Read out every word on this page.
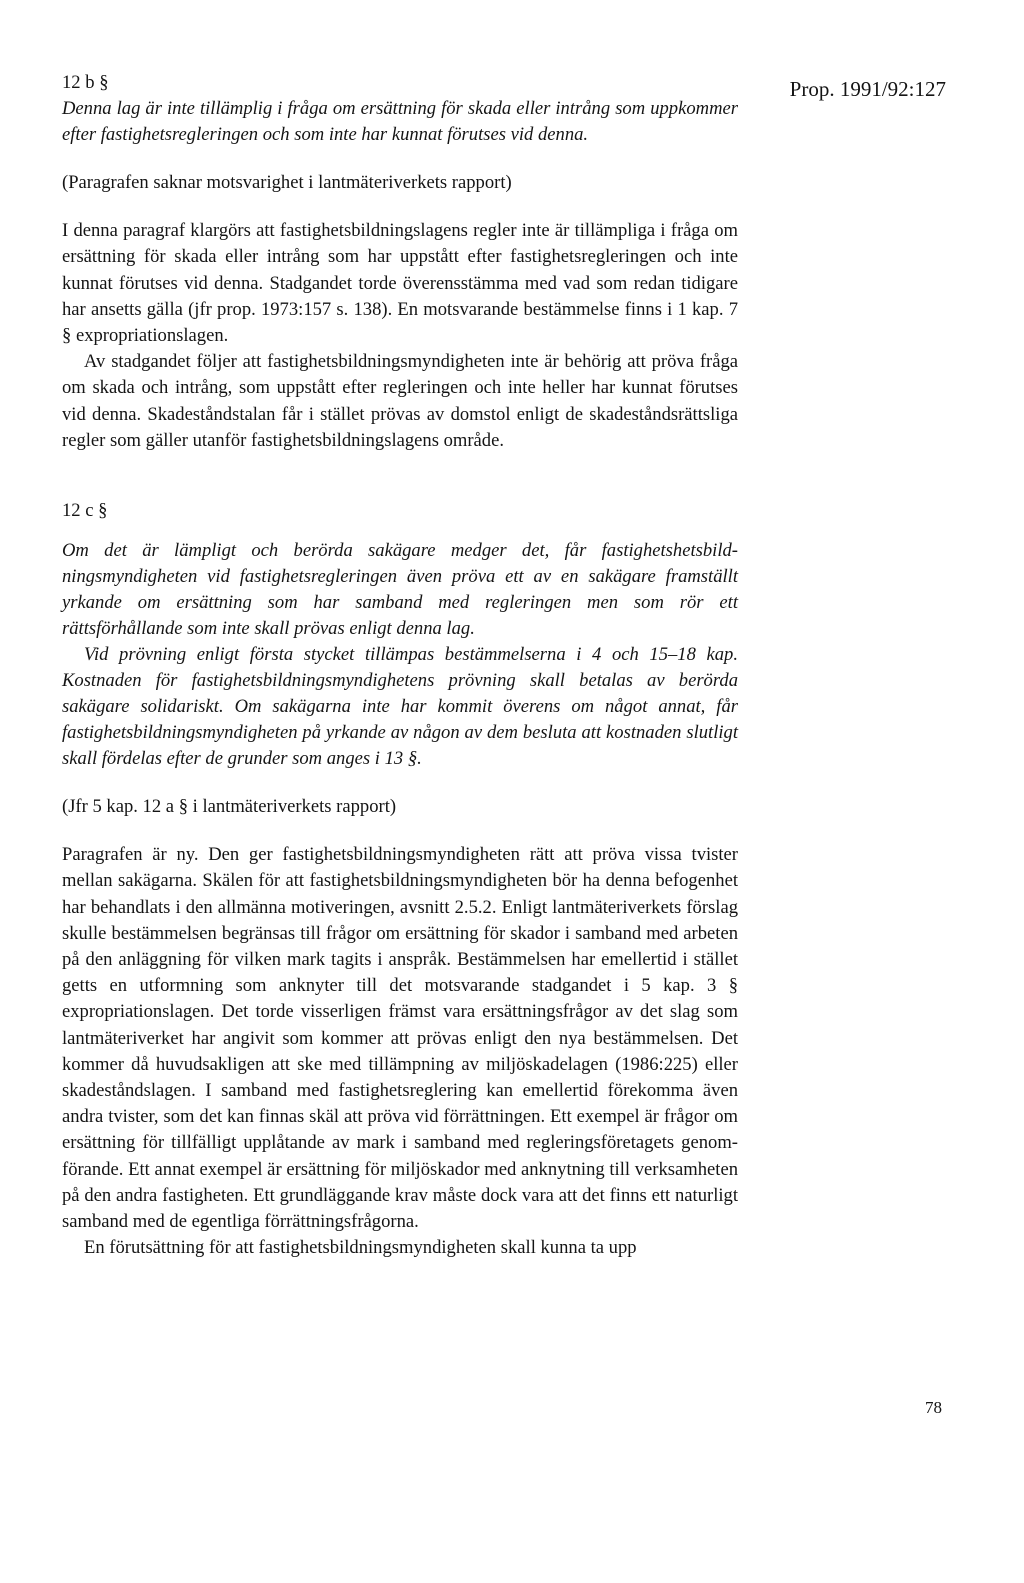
Prop. 1991/92:127

12 b §

Denna lag är inte tillämplig i fråga om ersättning för skada eller intrång som uppkommer efter fastighetsregleringen och som inte har kunnat förutses vid denna.

(Paragrafen saknar motsvarighet i lantmäteriverkets rapport)

I denna paragraf klargörs att fastighetsbildningslagens regler inte är tillämpliga i fråga om ersättning för skada eller intrång som har uppstått efter fastighetsregleringen och inte kunnat förutses vid denna. Stadgandet torde överensstämma med vad som redan tidigare har ansetts gälla (jfr prop. 1973:157 s. 138). En motsvarande bestämmelse finns i 1 kap. 7 § expropriationslagen.

Av stadgandet följer att fastighetsbildningsmyndigheten inte är behörig att pröva fråga om skada och intrång, som uppstått efter regleringen och inte heller har kunnat förutses vid denna. Skadeståndstalan får i stället prövas av domstol enligt de skadeståndsrättsliga regler som gäller utanför fastighetsbildningslagens område.

12 c §

Om det är lämpligt och berörda sakägare medger det, får fastighetshetsbildningsmyndigheten vid fastighetsregleringen även pröva ett av en sakägare framställt yrkande om ersättning som har samband med regleringen men som rör ett rättsförhållande som inte skall prövas enligt denna lag.

Vid prövning enligt första stycket tillämpas bestämmelserna i 4 och 15–18 kap. Kostnaden för fastighetsbildningsmyndighetens prövning skall betalas av berörda sakägare solidariskt. Om sakägarna inte har kommit överens om något annat, får fastighetsbildningsmyndigheten på yrkande av någon av dem besluta att kostnaden slutligt skall fördelas efter de grunder som anges i 13 §.

(Jfr 5 kap. 12 a § i lantmäteriverkets rapport)

Paragrafen är ny. Den ger fastighetsbildningsmyndigheten rätt att pröva vissa tvister mellan sakägarna. Skälen för att fastighetsbildningsmyndigheten bör ha denna befogenhet har behandlats i den allmänna motiveringen, avsnitt 2.5.2. Enligt lantmäteriverkets förslag skulle bestämmelsen begränsas till frågor om ersättning för skador i samband med arbeten på den anläggning för vilken mark tagits i anspråk. Bestämmelsen har emellertid i stället getts en utformning som anknyter till det motsvarande stadgandet i 5 kap. 3 § expropriationslagen. Det torde visserligen främst vara ersättningsfrågor av det slag som lantmäteriverket har angivit som kommer att prövas enligt den nya bestämmelsen. Det kommer då huvudsakligen att ske med tillämpning av miljöskadelagen (1986:225) eller skadeståndslagen. I samband med fastighetsreglering kan emellertid förekomma även andra tvister, som det kan finnas skäl att pröva vid förrättningen. Ett exempel är frågor om ersättning för tillfälligt upplåtande av mark i samband med regleringsföretagets genomförande. Ett annat exempel är ersättning för miljöskador med anknytning till verksamheten på den andra fastigheten. Ett grundläggande krav måste dock vara att det finns ett naturligt samband med de egentliga förrättningsfrågorna.

En förutsättning för att fastighetsbildningsmyndigheten skall kunna ta upp

78
